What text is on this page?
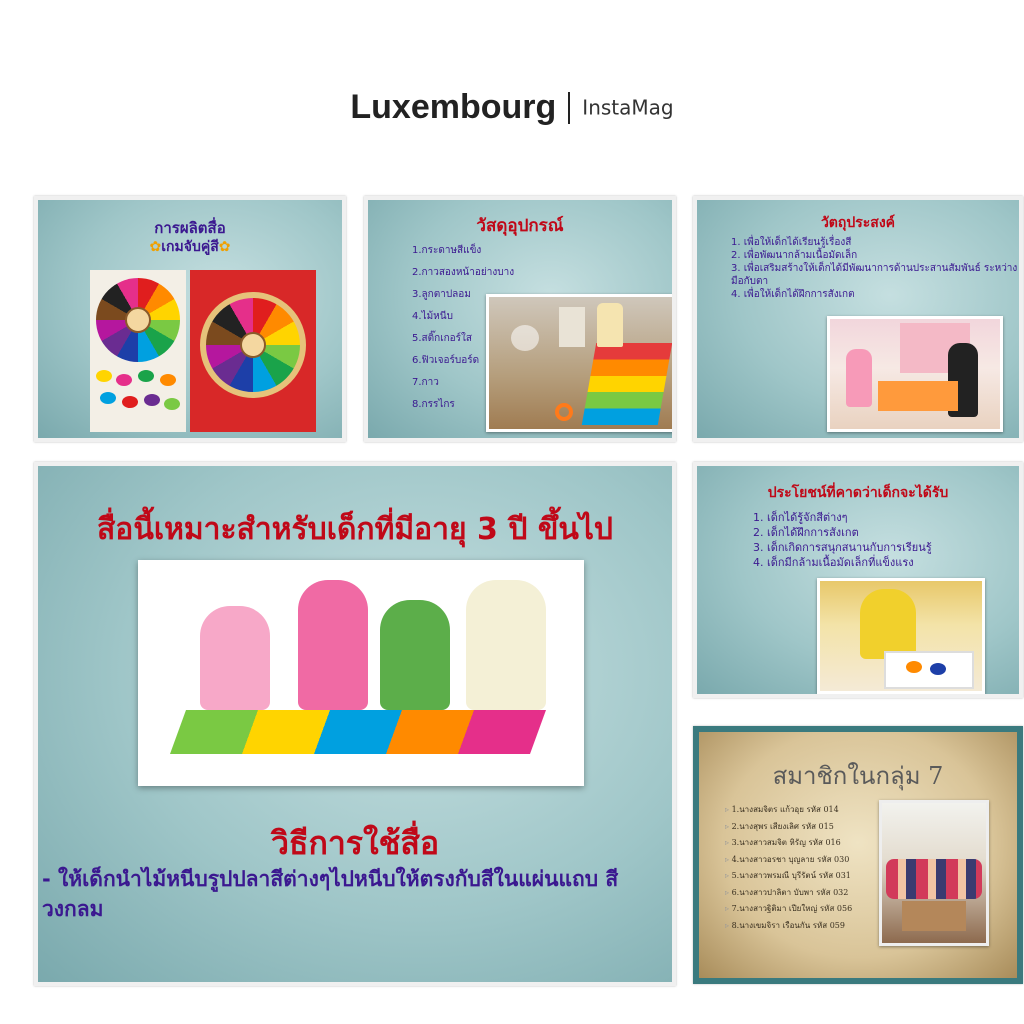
Luxembourg InstaMag
การผลิตสื่อ
✿เกมจับคู่สี✿
วัสดุอุปกรณ์
1.กระดาษสีแข็ง
2.กาวสองหน้าอย่างบาง
3.ลูกตาปลอม
4.ไม้หนีบ
5.สติ๊กเกอร์ใส
6.ฟิวเจอร์บอร์ด
7.กาว
8.กรรไกร
วัตถุประสงค์
1. เพื่อให้เด็กได้เรียนรู้เรื่องสี
2. เพื่อพัฒนากล้ามเนื้อมัดเล็ก
3. เพื่อเสริมสร้างให้เด็กได้มีพัฒนาการด้านประสานสัมพันธ์ ระหว่างมือกับตา
4. เพื่อให้เด็กได้ฝึกการสังเกต
สื่อนี้เหมาะสำหรับเด็กที่มีอายุ 3 ปี ขึ้นไป
วิธีการใช้สื่อ
- ให้เด็กนำไม้หนีบรูปปลาสีต่างๆไปหนีบให้ตรงกับสีในแผ่นแถบ สีวงกลม
ประโยชน์ที่คาดว่าเด็กจะได้รับ
1. เด็กได้รู้จักสีต่างๆ
2. เด็กได้ฝึกการสังเกต
3. เด็กเกิดการสนุกสนานกับการเรียนรู้
4. เด็กมีกล้ามเนื้อมัดเล็กที่แข็งแรง
สมาชิกในกลุ่ม 7
▹ 1.นางสมจิตร แก้วอุย รหัส 014
▹ 2.นางสุพร เสียงเลิศ รหัส 015
▹ 3.นางสาวสมจิต หิรัญ รหัส 016
▹ 4.นางสาวอรชา บุญลาย รหัส 030
▹ 5.นางสาวพรมณี บุรีรัตน์ รหัส 031
▹ 6.นางสาวปาลิตา บับพา รหัส 032
▹ 7.นางสาวฐิติมา เปียใหญ่ รหัส 056
▹ 8.นางเขมจิรา เรือนกัน รหัส 059
